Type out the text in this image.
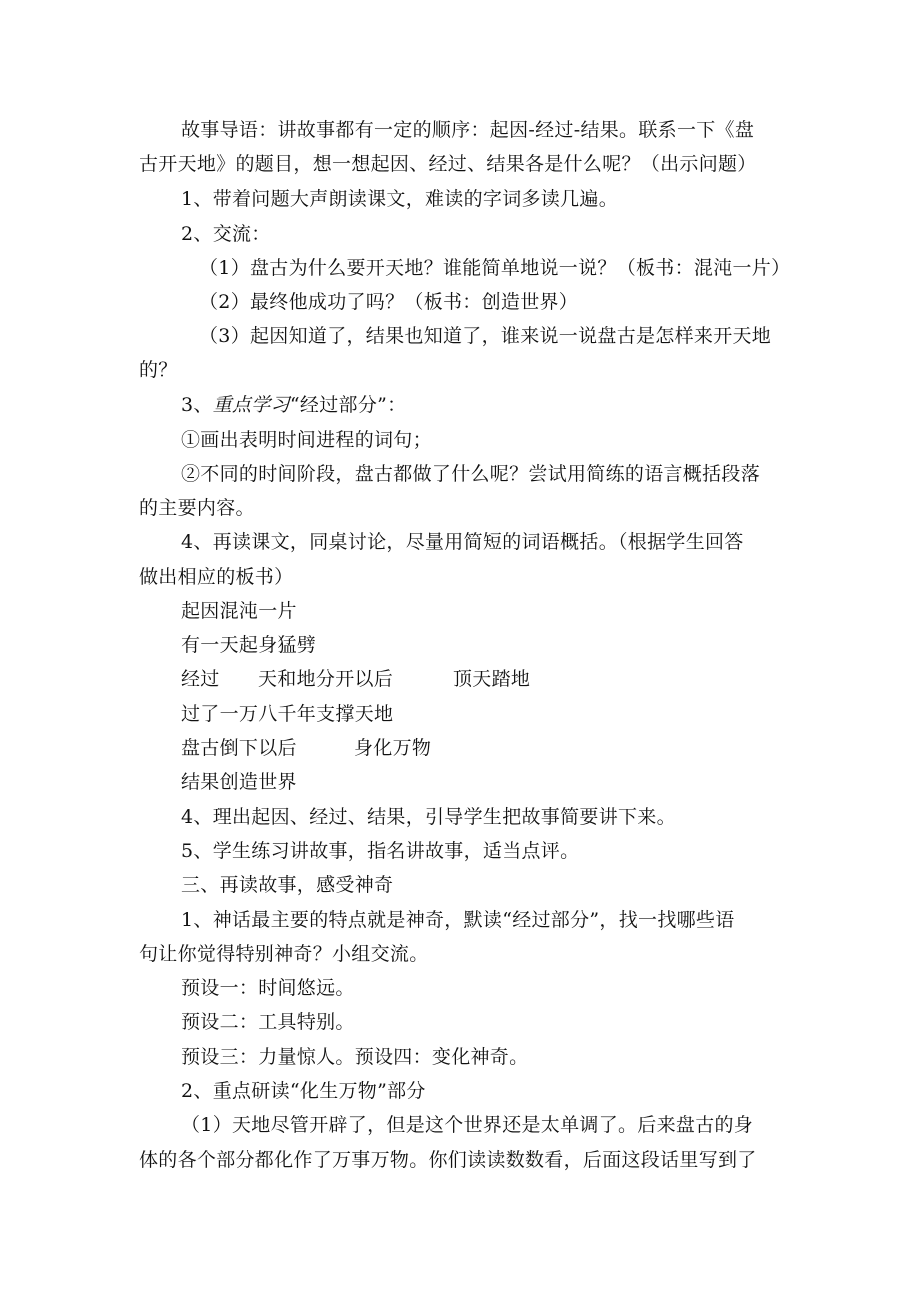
故事导语：讲故事都有一定的顺序：起因-经过-结果。联系一下《盘
古开天地》的题目，想一想起因、经过、结果各是什么呢？（出示问题）
1、带着问题大声朗读课文，难读的字词多读几遍。
2、交流：
（1）盘古为什么要开天地？谁能简单地说一说？（板书：混沌一片）
（2）最终他成功了吗？（板书：创造世界）
（3）起因知道了，结果也知道了，谁来说一说盘古是怎样来开天地
的？
3、重点学习“经过部分”：
①画出表明时间进程的词句；
②不同的时间阶段，盘古都做了什么呢？尝试用简练的语言概括段落
的主要内容。
4、再读课文，同桌讨论，尽量用简短的词语概括。（根据学生回答
做出相应的板书）
起因混沌一片
有一天起身猛劈
经过 天和地分开以后	顶天踏地
过了一万八千年支撑天地
盘古倒下以后	身化万物
结果创造世界
4、理出起因、经过、结果，引导学生把故事简要讲下来。
5、学生练习讲故事，指名讲故事，适当点评。
三、再读故事，感受神奇
1、神话最主要的特点就是神奇，默读“经过部分”，找一找哪些语
句让你觉得特别神奇？小组交流。
预设一：时间悠远。
预设二：工具特别。
预设三：力量惊人。预设四：变化神奇。
2、重点研读“化生万物”部分
（1）天地尽管开辟了，但是这个世界还是太单调了。后来盘古的身
体的各个部分都化作了万事万物。你们读读数数看，后面这段话里写到了
